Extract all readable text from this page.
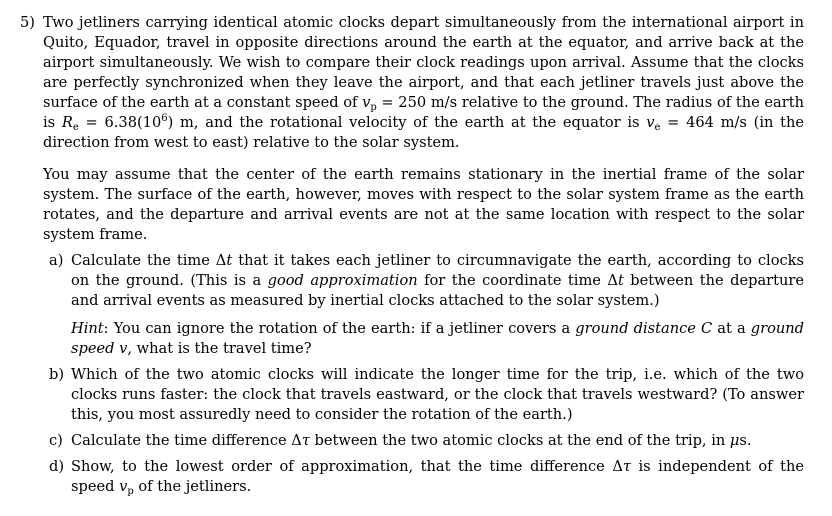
5) Two jetliners carrying identical atomic clocks depart simultaneously from the international airport in Quito, Equador, travel in opposite directions around the earth at the equator, and arrive back at the airport simultaneously. We wish to compare their clock readings upon arrival. Assume that the clocks are perfectly synchronized when they leave the airport, and that each jetliner travels just above the surface of the earth at a constant speed of $v_p = 250$ m/s relative to the ground. The radius of the earth is $R_e = 6.38(10^6)$ m, and the rotational velocity of the earth at the equator is $v_e = 464$ m/s (in the direction from west to east) relative to the solar system.

You may assume that the center of the earth remains stationary in the inertial frame of the solar system. The surface of the earth, however, moves with respect to the solar system frame as the earth rotates, and the departure and arrival events are not at the same location with respect to the solar system frame.

a) Calculate the time Δt that it takes each jetliner to circumnavigate the earth, according to clocks on the ground. (This is a good approximation for the coordinate time Δt between the departure and arrival events as measured by inertial clocks attached to the solar system.)

Hint: You can ignore the rotation of the earth: if a jetliner covers a ground distance C at a ground speed v, what is the travel time?

b) Which of the two atomic clocks will indicate the longer time for the trip, i.e. which of the two clocks runs faster: the clock that travels eastward, or the clock that travels westward? (To answer this, you most assuredly need to consider the rotation of the earth.)

c) Calculate the time difference Δτ between the two atomic clocks at the end of the trip, in μs.

d) Show, to the lowest order of approximation, that the time difference Δτ is independent of the speed $v_p$ of the jetliners.
